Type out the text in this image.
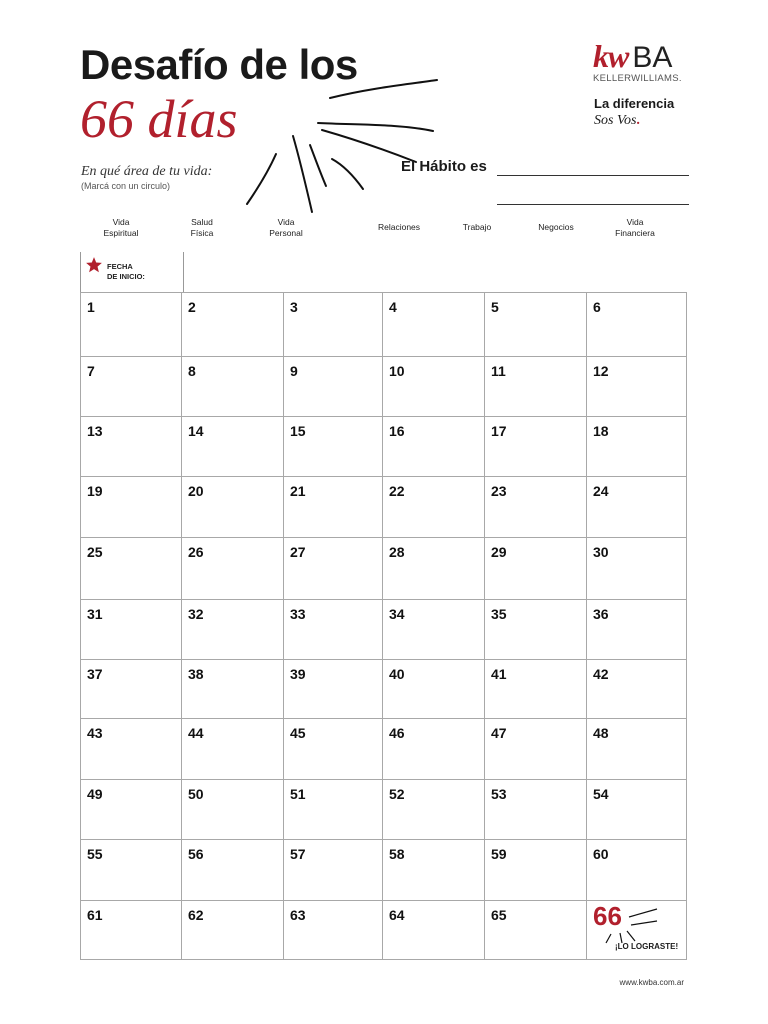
Desafío de los
66 días
kw BA
KELLERWILLIAMS.
La diferencia
Sos Vos.
En qué área de tu vida:
(Marcá con un circulo)
El Hábito es
Vida
Espiritual
Salud
Física
Vida
Personal
Relaciones	Trabajo	Negocios	Vida
Financiera
FECHA
DE INICIO:
1	2	3	4	5	6
7	8	9	10	11	12
13	14	15	16	17	18
19	20	21	22	23	24
25	26	27	28	29	30
31	32	33	34	35	36
37	38	39	40	41	42
43	44	45	46	47	48
49	50	51	52	53	54
55	56	57	58	59	60
61	62	63	64	65	66
¡LO LOGRASTE!
www.kwba.com.ar
